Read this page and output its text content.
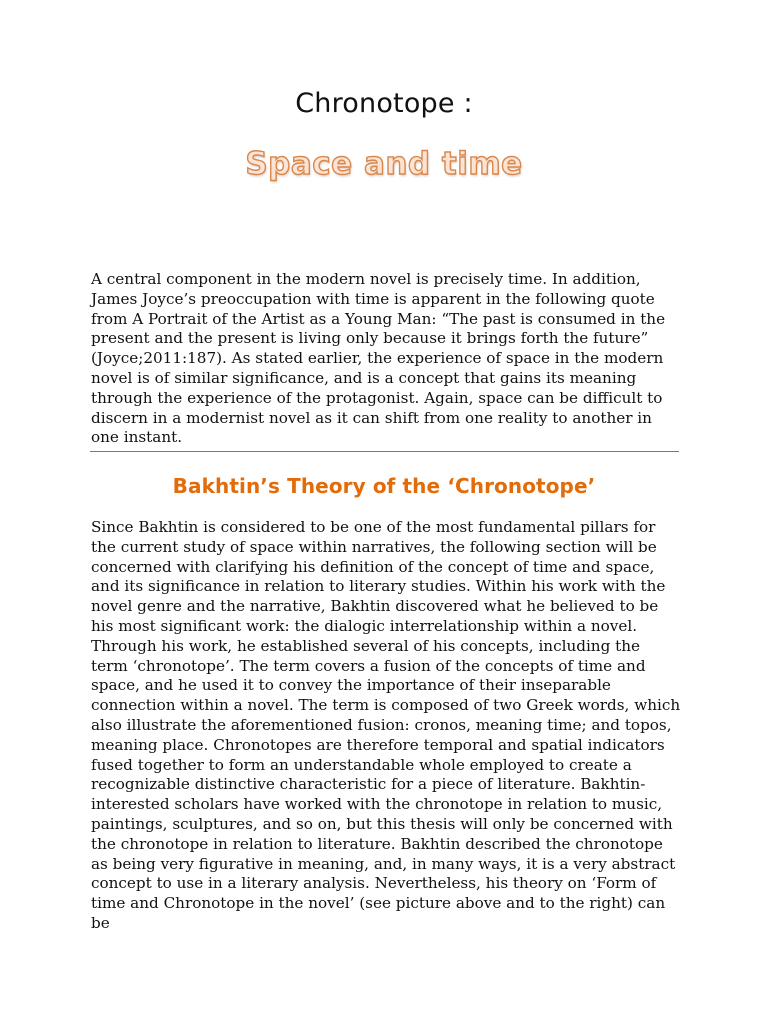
Chronotope :
Space and time

A central component in the modern novel is precisely time. In addition, James Joyce’s preoccupation with time is apparent in the following quote from A Portrait of the Artist as a Young Man: “The past is consumed in the present and the present is living only because it brings forth the future” (Joyce;2011:187). As stated earlier, the experience of space in the modern novel is of similar significance, and is a concept that gains its meaning through the experience of the protagonist. Again, space can be difficult to discern in a modernist novel as it can shift from one reality to another in one instant.

Bakhtin’s Theory of the ‘Chronotope’

Since Bakhtin is considered to be one of the most fundamental pillars for the current study of space within narratives, the following section will be concerned with clarifying his definition of the concept of time and space, and its significance in relation to literary studies. Within his work with the novel genre and the narrative, Bakhtin discovered what he believed to be his most significant work: the dialogic interrelationship within a novel. Through his work, he established several of his concepts, including the term ‘chronotope’. The term covers a fusion of the concepts of time and space, and he used it to convey the importance of their inseparable connection within a novel. The term is composed of two Greek words, which also illustrate the aforementioned fusion: cronos, meaning time; and topos, meaning place. Chronotopes are therefore temporal and spatial indicators fused together to form an understandable whole employed to create a recognizable distinctive characteristic for a piece of literature. Bakhtin-interested scholars have worked with the chronotope in relation to music, paintings, sculptures, and so on, but this thesis will only be concerned with the chronotope in relation to literature. Bakhtin described the chronotope as being very figurative in meaning, and, in many ways, it is a very abstract concept to use in a literary analysis. Nevertheless, his theory on ‘Form of time and Chronotope in the novel’ (see picture above and to the right) can be
